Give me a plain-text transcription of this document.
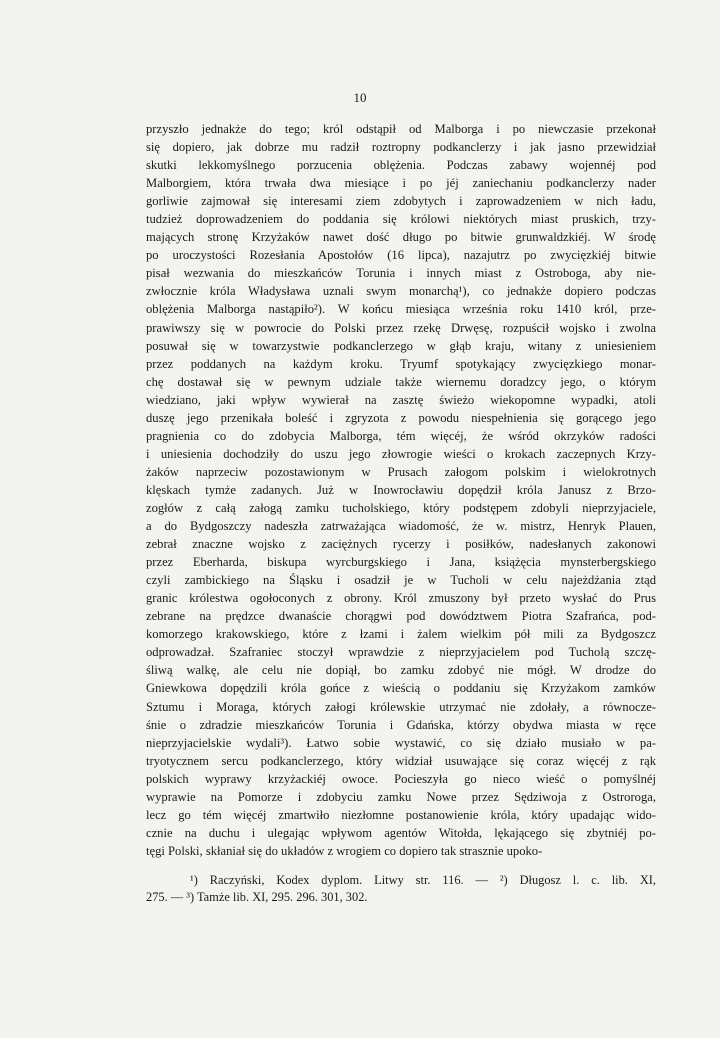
10
przyszło jednakże do tego; król odstąpił od Malborga i po niewczasie przekonał
się dopiero, jak dobrze mu radził roztropny podkanclerzy i jak jasno przewidział
skutki lekkomyślnego porzucenia oblężenia. Podczas zabawy wojennéj pod
Malborgiem, która trwała dwa miesiące i po jéj zaniechaniu podkanclerzy nader
gorliwie zajmował się interesami ziem zdobytych i zaprowadzeniem w nich ładu,
tudzież doprowadzeniem do poddania się królowi niektórych miast pruskich, trzy-
mających stronę Krzyżaków nawet dość długo po bitwie grunwaldzkiéj. W środę
po uroczystości Rozesłania Apostołów (16 lipca), nazajutrz po zwycięzkiéj bitwie
pisał wezwania do mieszkańców Torunia i innych miast z Ostroboga, aby nie-
zwłocznie króla Władysława uznali swym monarchą¹), co jednakże dopiero podczas
oblężenia Malborga nastąpiło²). W końcu miesiąca września roku 1410 król, prze-
prawiwszy się w powrocie do Polski przez rzekę Drwęsę, rozpuścił wojsko i zwolna
posuwał się w towarzystwie podkanclerzego w głąb kraju, witany z uniesieniem
przez poddanych na każdym kroku. Tryumf spotykający zwycięzkiego monar-
chę dostawał się w pewnym udziale także wiernemu doradzcy jego, o którym
wiedziano, jaki wpływ wywierał na zasztę świeżo wiekopomne wypadki, atoli
duszę jego przenikała boleść i zgryzota z powodu niespełnienia się gorącego jego
pragnienia co do zdobycia Malborga, tém więcéj, że wśród okrzyków radości
i uniesienia dochodziły do uszu jego złowrogie wieści o krokach zaczepnych Krzy-
żaków naprzeciw pozostawionym w Prusach załogom polskim i wielokrotnych
klęskach tymże zadanych. Już w Inowrocławiu dopędził króla Janusz z Brzo-
zogłów z całą załogą zamku tucholskiego, który podstępem zdobyli nieprzyjaciele,
a do Bydgoszczy nadeszła zatrważająca wiadomość, że w. mistrz, Henryk Plauen,
zebrał znaczne wojsko z zaciężnych rycerzy i posiłków, nadesłanych zakonowi
przez Eberharda, biskupa wyrcburgskiego i Jana, książęcia mynsterbergskiego
czyli zambickiego na Śląsku i osadził je w Tucholi w celu najeżdżania ztąd
granic królestwa ogołoconych z obrony. Król zmuszony był przeto wysłać do Prus
zebrane na prędzce dwanaście chorągwi pod dowództwem Piotra Szafrańca, pod-
komorzego krakowskiego, które z łzami i żalem wielkim pół mili za Bydgoszcz
odprowadzał. Szafraniec stoczył wprawdzie z nieprzyjacielem pod Tucholą szczę-
śliwą walkę, ale celu nie dopiął, bo zamku zdobyć nie mógł. W drodze do
Gniewkowa dopędzili króla gońce z wieścią o poddaniu się Krzyżakom zamków
Sztumu i Moraga, których załogi królewskie utrzymać nie zdołały, a równocze-
śnie o zdradzie mieszkańców Torunia i Gdańska, którzy obydwa miasta w ręce
nieprzyjacielskie wydali³). Łatwo sobie wystawić, co się działo musiało w pa-
tryotycznem sercu podkanclerzego, który widział usuwające się coraz więcéj z rąk
polskich wyprawy krzyżackiéj owoce. Pocieszyła go nieco wieść o pomyślnéj
wyprawie na Pomorze i zdobyciu zamku Nowe przez Sędziwoja z Ostroroga,
lecz go tém więcéj zmartwiło niezłomne postanowienie króla, który upadając wido-
cznie na duchu i ulegając wpływom agentów Witołda, lękającego się zbytniéj po-
tęgi Polski, skłaniał się do układów z wrogiem co dopiero tak strasznie upoko-
¹) Raczyński, Kodex dyplom. Litwy str. 116. — ²) Długosz l. c. lib. XI,
275. — ³) Tamże lib. XI, 295. 296. 301, 302.
